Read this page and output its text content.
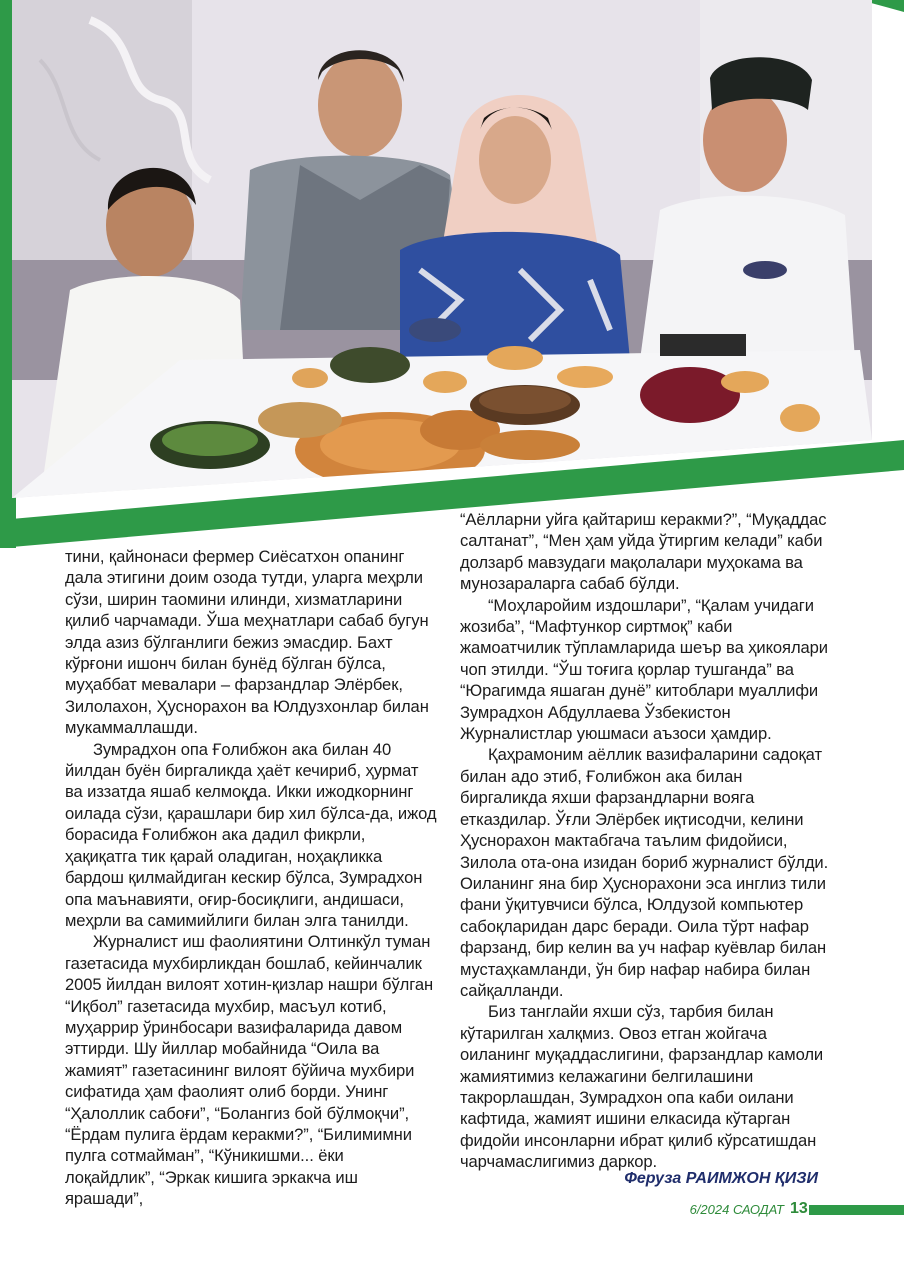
тини, қайнонаси фермер Сиёсатхон опанинг дала этигини доим озода тутди, уларга меҳрли сўзи, ширин таомини илинди, хизматларини қилиб чарчамади. Ўша меҳнатлари сабаб бугун элда азиз бўлганлиги бежиз эмасдир. Бахт кўрғони ишонч билан бунёд бўлган бўлса, муҳаббат мевалари – фарзандлар Элёрбек, Зилолахон, Ҳуснорахон ва Юлдузхонлар билан мукаммаллашди.

Зумрадхон опа Ғолибжон ака билан 40 йилдан буён биргаликда ҳаёт кечириб, ҳурмат ва иззатда яшаб келмоқда. Икки ижодкорнинг оилада сўзи, қарашлари бир хил бўлса-да, ижод борасида Ғолибжон ака дадил фикрли, ҳақиқатга тик қарай оладиган, ноҳақликка бардош қилмайдиган кескир бўлса, Зумрадхон опа маънавияти, оғир-босиқлиги, андишаси, меҳрли ва самимийлиги билан элга танилди.

Журналист иш фаолиятини Олтинкўл туман газетасида мухбирликдан бошлаб, кейинчалик 2005 йилдан вилоят хотин-қизлар нашри бўлган “Иқбол” газетасида мухбир, масъул котиб, муҳаррир ўринбосари вазифаларида давом эттирди. Шу йиллар мобайнида “Оила ва жамият” газетасининг вилоят бўйича мухбири сифатида ҳам фаолият олиб борди. Унинг “Ҳалоллик сабоғи”, “Болангиз бой бўлмоқчи”, “Ёрдам пулига ёрдам керакми?”, “Билимимни пулга сотмайман”, “Кўникишми... ёки лоқайдлик”, “Эркак кишига эркакча иш ярашади”,

“Аёлларни уйга қайтариш керакми?”, “Муқаддас салтанат”, “Мен ҳам уйда ўтиргим келади” каби долзарб мавзудаги мақолалари муҳокама ва мунозараларга сабаб бўлди.

“Моҳларойим издошлари”, “Қалам учидаги жозиба”, “Мафтункор сиртмоқ” каби жамоатчилик тўпламларида шеър ва ҳикоялари чоп этилди. “Ўш тоғига қорлар тушганда” ва “Юрагимда яшаган дунё” китоблари муаллифи Зумрадхон Абдуллаева Ўзбекистон Журналистлар уюшмаси аъзоси ҳамдир.

Қаҳрамоним аёллик вазифаларини садоқат билан адо этиб, Ғолибжон ака билан биргаликда яхши фарзандларни вояга етказдилар. Ўғли Элёрбек иқтисодчи, келини Ҳуснорахон мактабгача таълим фидойиси, Зилола ота-она изидан бориб журналист бўлди. Оиланинг яна бир Ҳуснорахони эса инглиз тили фани ўқитувчиси бўлса, Юлдузой компьютер сабоқларидан дарс беради. Оила тўрт нафар фарзанд, бир келин ва уч нафар куёвлар билан мустаҳкамланди, ўн бир нафар набира билан сайқалланди.

Биз танглайи яхши сўз, тарбия билан кўтарилган халқмиз. Овоз етган жойгача оиланинг муқаддаслигини, фарзандлар камоли жамиятимиз келажагини белгилашини такрорлашдан, Зумрадхон опа каби оилани кафтида, жамият ишини елкасида кўтарган фидойи инсонларни ибрат қилиб кўрсатишдан чарчамаслигимиз даркор.

Феруза РАИМЖОН ҚИЗИ
6/2024 САОДАТ 13
